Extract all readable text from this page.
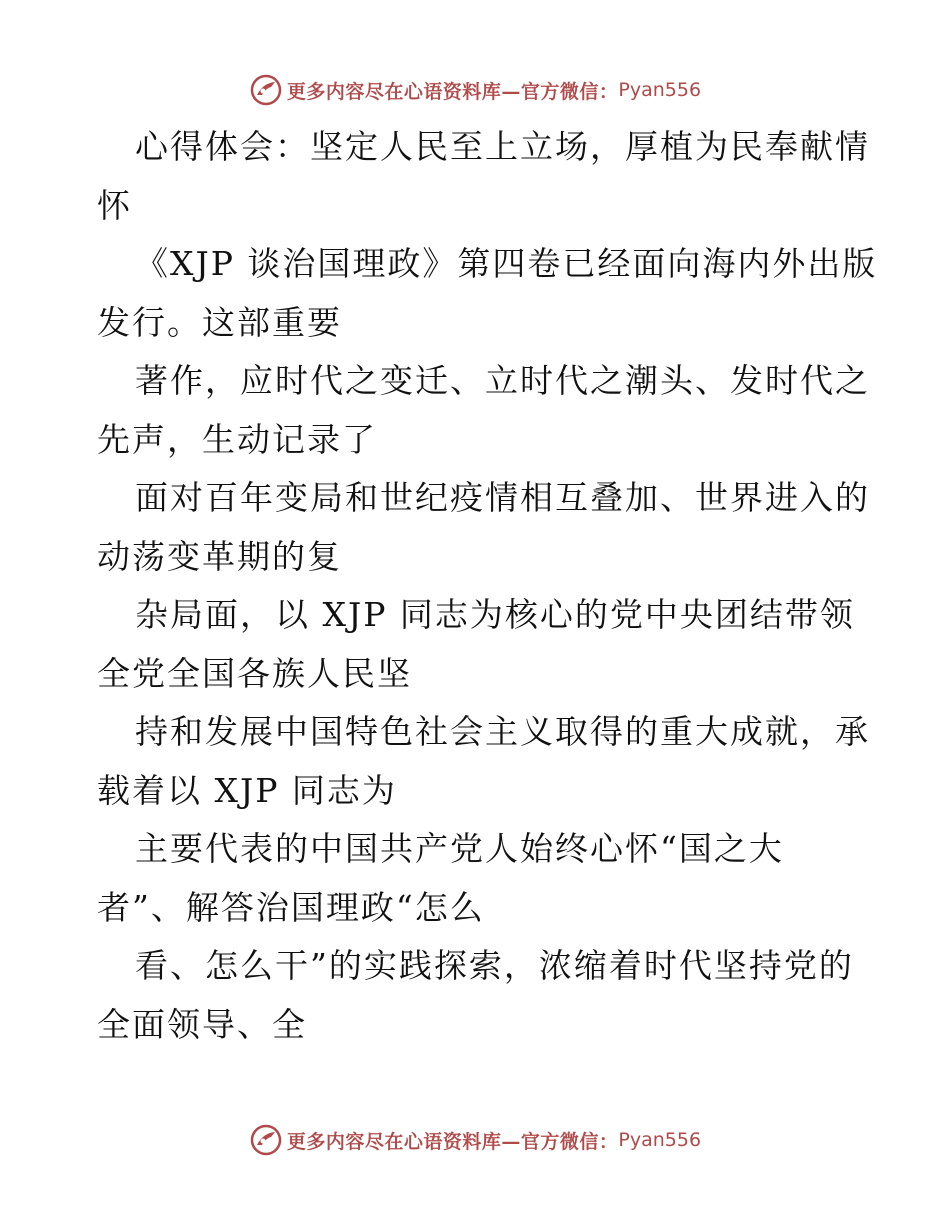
更多内容尽在心语资料库—官方微信： Pyan556
心得体会：坚定人民至上立场，厚植为民奉献情
怀
《XJP 谈治国理政》第四卷已经面向海内外出版
发行。这部重要
著作，应时代之变迁、立时代之潮头、发时代之
先声，生动记录了
面对百年变局和世纪疫情相互叠加、世界进入的
动荡变革期的复
杂局面，以 XJP 同志为核心的党中央团结带领
全党全国各族人民坚
持和发展中国特色社会主义取得的重大成就，承
载着以 XJP 同志为
主要代表的中国共产党人始终心怀“国之大
者”、解答治国理政“怎么
看、怎么干”的实践探索，浓缩着时代坚持党的
全面领导、全
更多内容尽在心语资料库—官方微信： Pyan556
